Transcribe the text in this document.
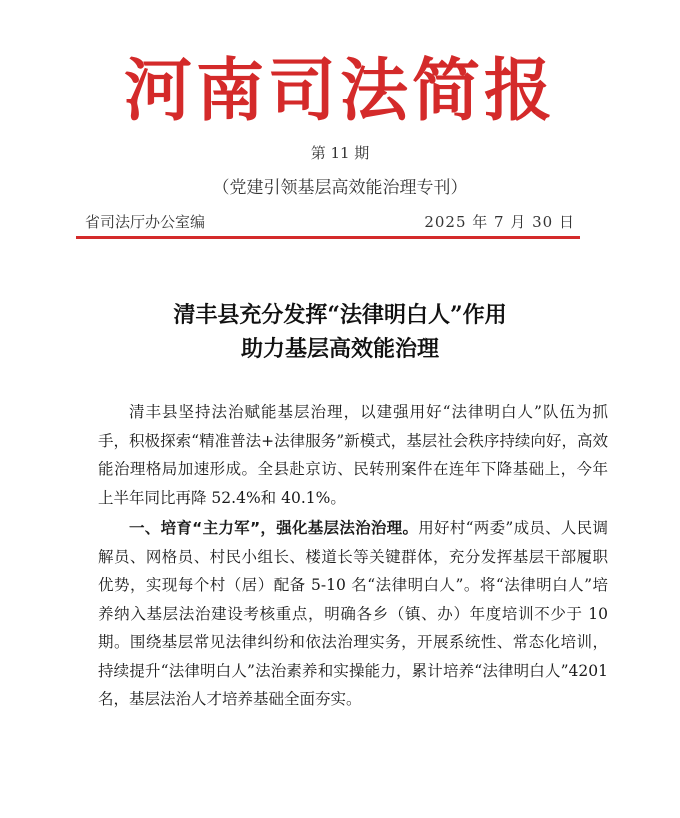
河南司法简报
第 11 期
（党建引领基层高效能治理专刊）
省司法厅办公室编	2025 年 7 月 30 日
清丰县充分发挥“法律明白人”作用
助力基层高效能治理

清丰县坚持法治赋能基层治理，以建强用好“法律明白人”队伍为抓手，积极探索“精准普法+法律服务”新模式，基层社会秩序持续向好，高效能治理格局加速形成。全县赴京访、民转刑案件在连年下降基础上，今年上半年同比再降 52.4%和 40.1%。

一、培育“主力军”，强化基层法治治理。用好村“两委”成员、人民调解员、网格员、村民小组长、楼道长等关键群体，充分发挥基层干部履职优势，实现每个村（居）配备 5-10 名“法律明白人”。将“法律明白人”培养纳入基层法治建设考核重点，明确各乡（镇、办）年度培训不少于 10 期。围绕基层常见法律纠纷和依法治理实务，开展系统性、常态化培训，持续提升“法律明白人”法治素养和实操能力，累计培养“法律明白人”4201 名，基层法治人才培养基础全面夯实。
